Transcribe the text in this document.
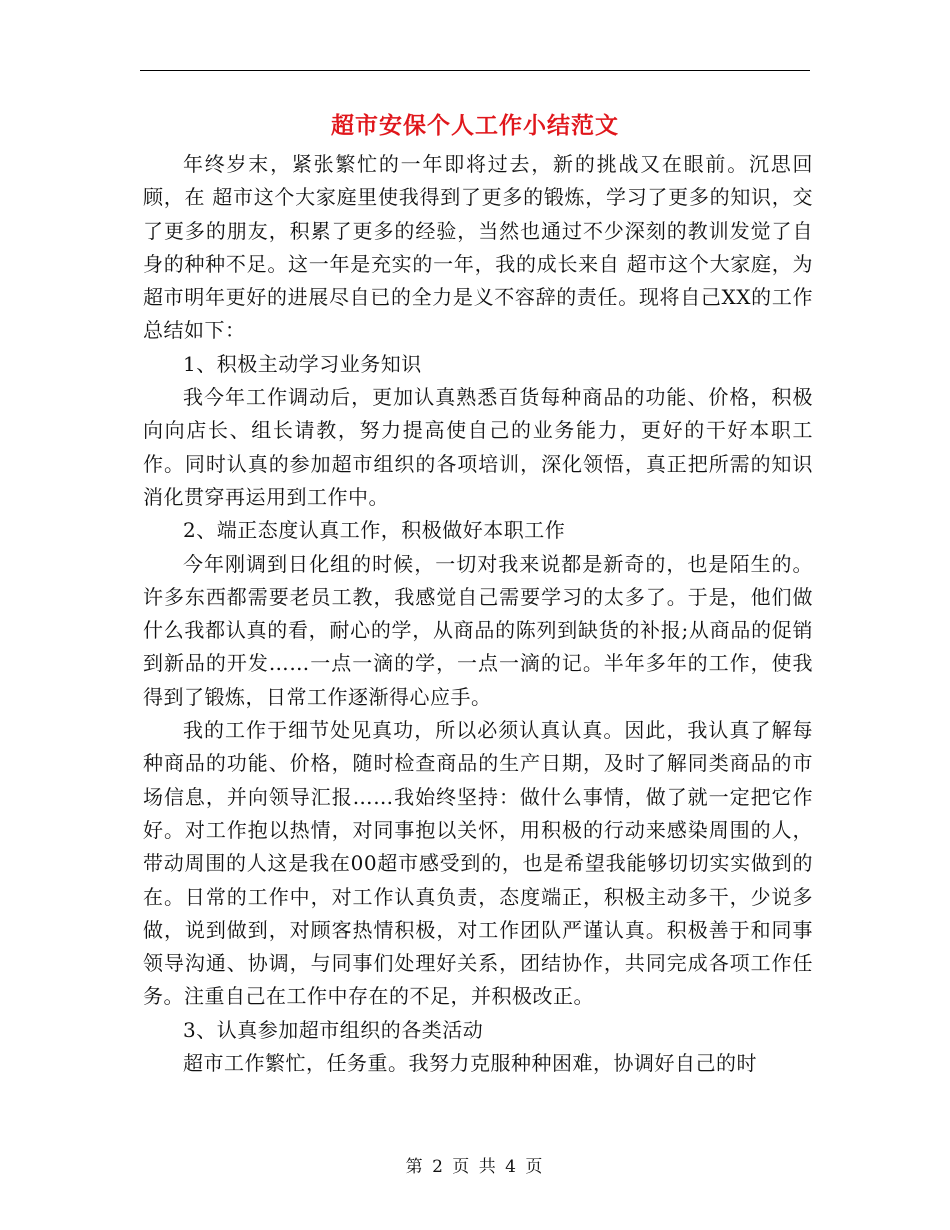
超市安保个人工作小结范文

年终岁末，紧张繁忙的一年即将过去，新的挑战又在眼前。沉思回顾，在 超市这个大家庭里使我得到了更多的锻炼，学习了更多的知识，交了更多的朋友，积累了更多的经验，当然也通过不少深刻的教训发觉了自身的种种不足。这一年是充实的一年，我的成长来自 超市这个大家庭，为超市明年更好的进展尽自已的全力是义不容辞的责任。现将自己XX的工作总结如下：

1、积极主动学习业务知识

我今年工作调动后，更加认真熟悉百货每种商品的功能、价格，积极向向店长、组长请教，努力提高使自己的业务能力，更好的干好本职工作。同时认真的参加超市组织的各项培训，深化领悟，真正把所需的知识消化贯穿再运用到工作中。

2、端正态度认真工作，积极做好本职工作

今年刚调到日化组的时候，一切对我来说都是新奇的，也是陌生的。许多东西都需要老员工教，我感觉自己需要学习的太多了。于是，他们做什么我都认真的看，耐心的学，从商品的陈列到缺货的补报;从商品的促销到新品的开发……一点一滴的学，一点一滴的记。半年多年的工作，使我得到了锻炼，日常工作逐渐得心应手。

我的工作于细节处见真功，所以必须认真认真。因此，我认真了解每种商品的功能、价格，随时检查商品的生产日期，及时了解同类商品的市场信息，并向领导汇报……我始终坚持：做什么事情，做了就一定把它作好。对工作抱以热情，对同事抱以关怀，用积极的行动来感染周围的人，带动周围的人这是我在00超市感受到的，也是希望我能够切切实实做到的在。日常的工作中，对工作认真负责，态度端正，积极主动多干，少说多做，说到做到，对顾客热情积极，对工作团队严谨认真。积极善于和同事领导沟通、协调，与同事们处理好关系，团结协作，共同完成各项工作任务。注重自己在工作中存在的不足，并积极改正。

3、认真参加超市组织的各类活动

超市工作繁忙，任务重。我努力克服种种困难，协调好自己的时

第 2 页 共 4 页
